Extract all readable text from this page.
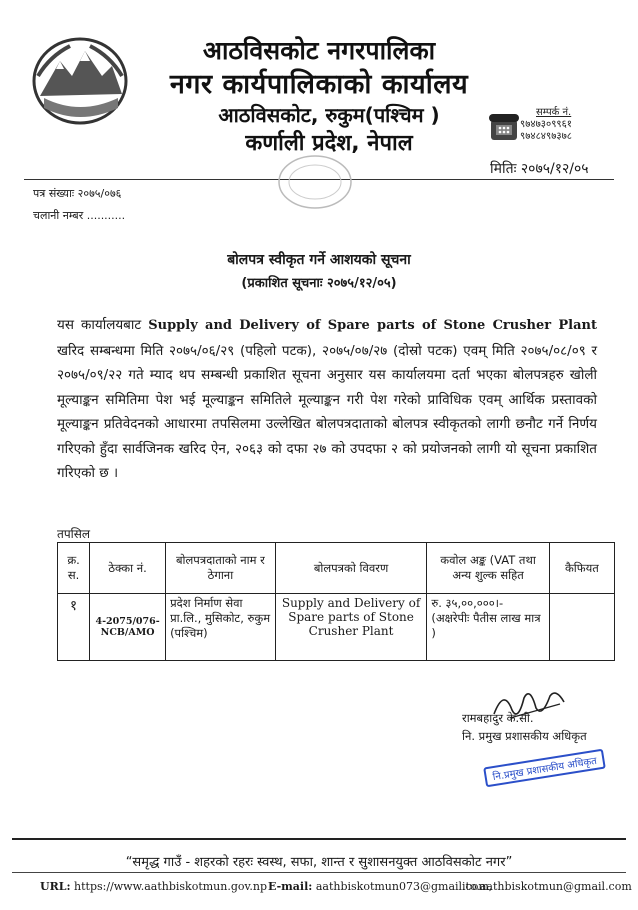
आठविसकोट नगरपालिका
नगर कार्यपालिकाको कार्यालय
आठविसकोट, रुकुम(पश्चिम )
कर्णाली प्रदेश, नेपाल
सम्पर्क नं.
९७४७३०९९६१
९७४८४९७३७८
मितिः २०७५/१२/०५
पत्र संख्याः २०७५/०७६
चलानी नम्बर ...........
बोलपत्र स्वीकृत गर्ने आशयको सूचना
(प्रकाशित सूचनाः २०७५/१२/०५)
यस कार्यालयबाट Supply and Delivery of Spare parts of Stone Crusher Plant खरिद सम्बन्धमा मिति २०७५/०६/२९ (पहिलो पटक), २०७५/०७/२७ (दोस्रो पटक) एवम् मिति २०७५/०८/०९ र २०७५/०९/२२ गते म्याद थप सम्बन्धी प्रकाशित सूचना अनुसार यस कार्यालयमा दर्ता भएका बोलपत्रहरु खोली मूल्याङ्कन समितिमा पेश भई मूल्याङ्कन समितिले मूल्याङ्कन गरी पेश गरेको प्राविधिक एवम् आर्थिक प्रस्तावको मूल्याङ्कन प्रतिवेदनको आधारमा तपसिलमा उल्लेखित बोलपत्रदाताको बोलपत्र स्वीकृतको लागी छनौट गर्ने निर्णय गरिएको हुँदा सार्वजिनक खरिद ऐन, २०६३ को दफा २७ को उपदफा २ को प्रयोजनको लागी यो सूचना प्रकाशित गरिएको छ ।
तपसिल
क्र. स.	ठेक्का नं.	बोलपत्रदाताको नाम र ठेगाना	बोलपत्रको विवरण	कवोल अङ्क (VAT तथा अन्य शुल्क सहित	कैफियत
१	4-2075/076-NCB/AMO	प्रदेश निर्माण सेवा प्रा.लि., मुसिकोट, रुकुम (पश्चिम)	Supply and Delivery of Spare parts of Stone Crusher Plant	रु. ३५,००,०००।-
(अक्षरेपीः पैतीस लाख मात्र )	

रामबहादुर के.सी.
नि. प्रमुख प्रशासकीय अधिकृत
नि.प्रमुख प्रशासकीय अधिकृत
“समृद्ध गाउँ - शहरको रहरः स्वस्थ, सफा, शान्त र सुशासनयुक्त आठविसकोट नगर”
URL: https://www.aathbiskotmun.gov.np E-mail: aathbiskotmun073@gmail.com,
ito.aathbiskotmun@gmail.com
